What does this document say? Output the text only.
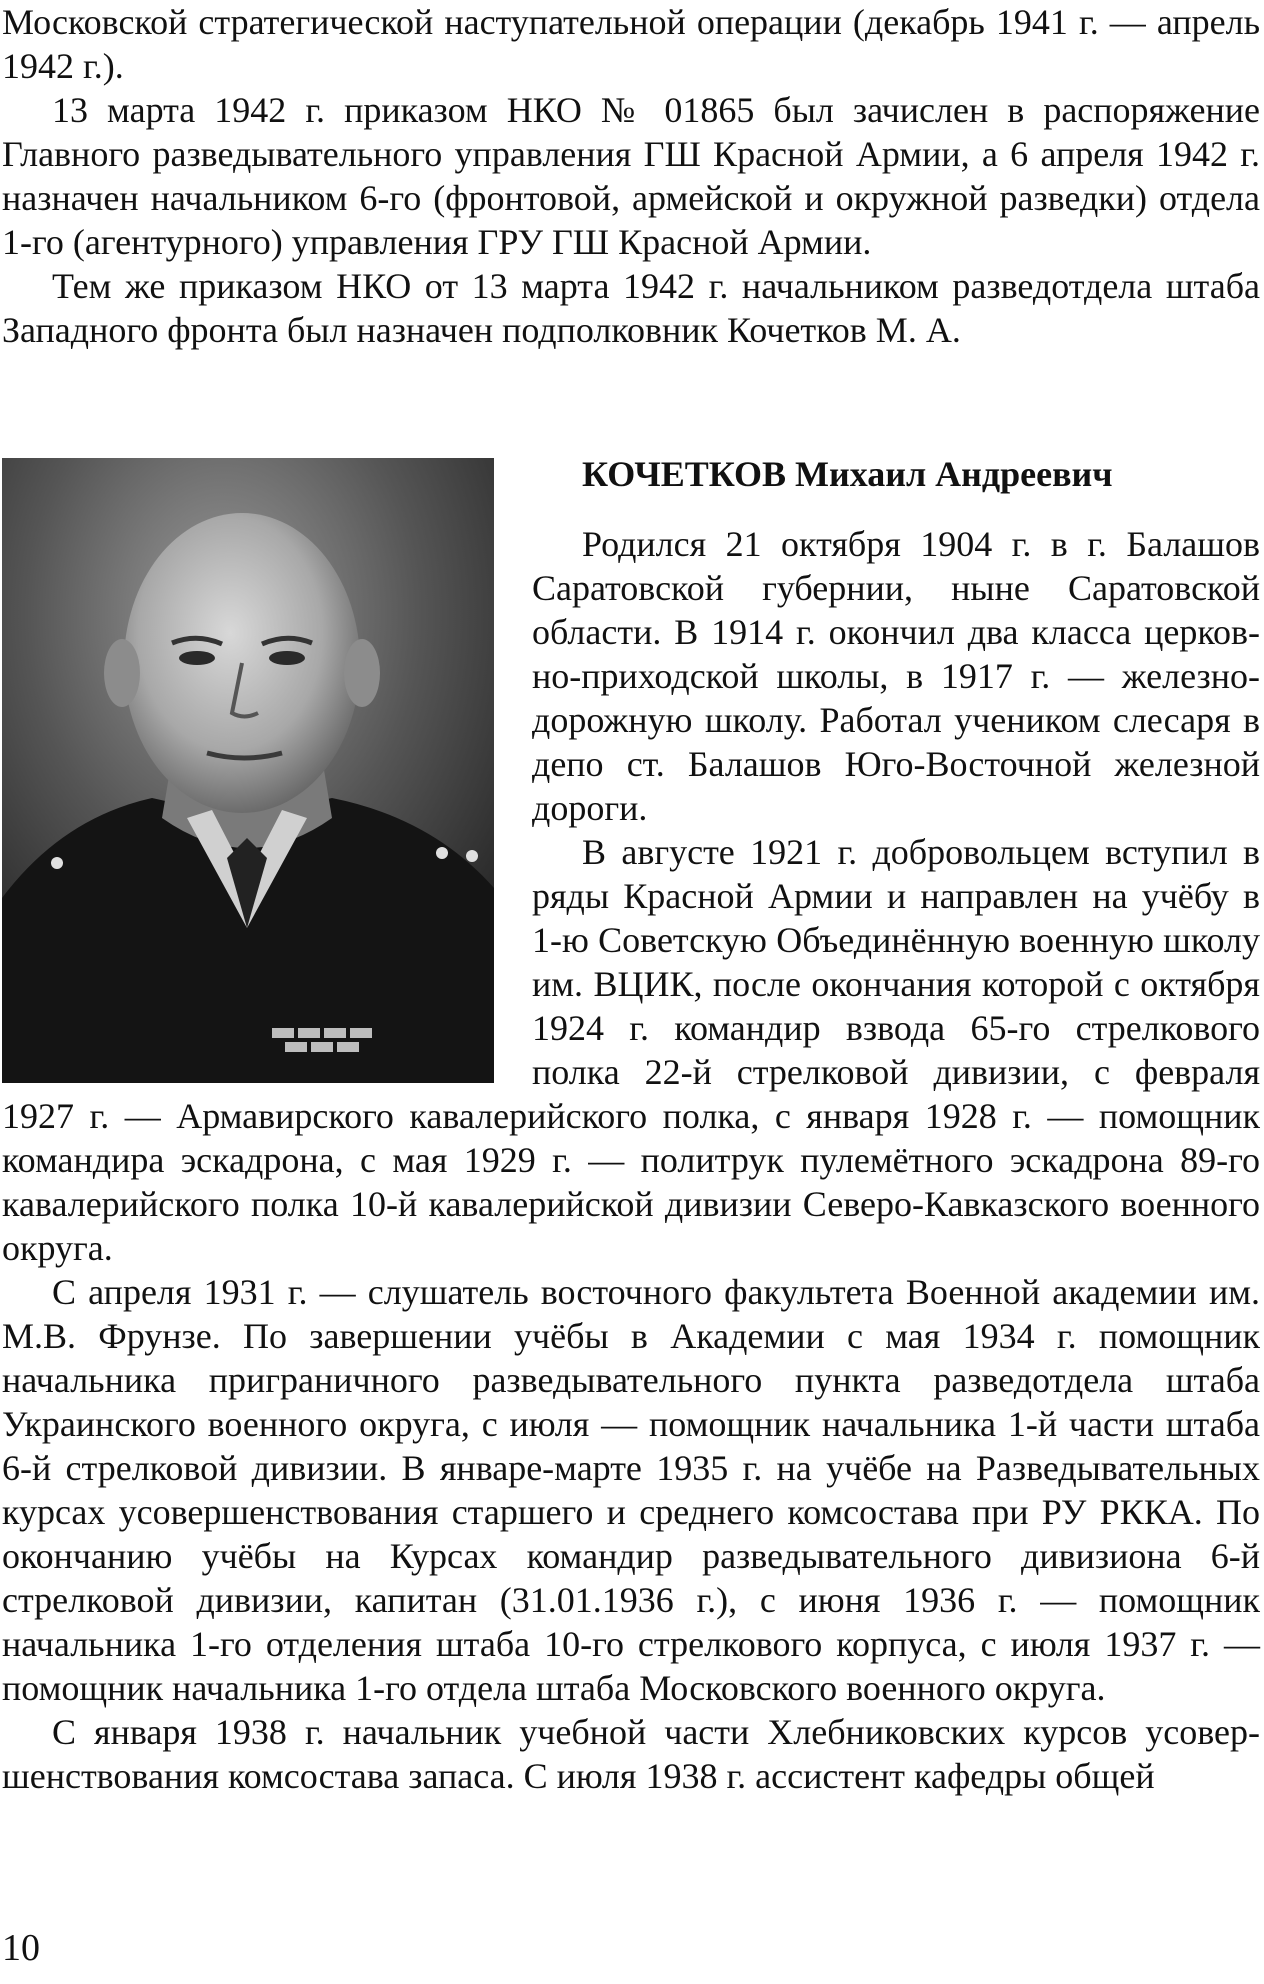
Московской стратегической наступательной операции (декабрь 1941 г. — апрель 1942 г.).

13 марта 1942 г. приказом НКО № 01865 был зачислен в распоряжение Главного разведывательного управления ГШ Красной Армии, а 6 апреля 1942 г. назначен начальником 6-го (фронтовой, армейской и окружной разведки) отдела 1-го (агентурного) управления ГРУ ГШ Красной Армии.

Тем же приказом НКО от 13 марта 1942 г. начальником разведотдела штаба Западного фронта был назначен подполковник Кочетков М. А.

КОЧЕТКОВ Михаил Андреевич

Родился 21 октября 1904 г. в г. Балашов Саратовской губернии, ныне Саратовской области. В 1914 г. окончил два класса церковно-приходской школы, в 1917 г. — железнодорожную школу. Работал учеником слесаря в депо ст. Балашов Юго-Восточной железной дороги.

В августе 1921 г. добровольцем вступил в ряды Красной Армии и направлен на учёбу в 1-ю Советскую Объединённую военную школу им. ВЦИК, после окончания которой с октября 1924 г. командир взвода 65-го стрелкового полка 22-й стрелковой дивизии, с февраля 1927 г. — Армавирского кавалерийского полка, с января 1928 г. — помощник командира эскадрона, с мая 1929 г. — политрук пулемётного эскадрона 89-го кавалерийского полка 10-й кавалерийской дивизии Северо-Кавказского военного округа.

С апреля 1931 г. — слушатель восточного факультета Военной академии им. М.В. Фрунзе. По завершении учёбы в Академии с мая 1934 г. помощник начальника приграничного разведывательного пункта разведотдела штаба Украинского военного округа, с июля — помощник начальника 1-й части штаба 6-й стрелковой дивизии. В январе-марте 1935 г. на учёбе на Разведывательных курсах усовершенствования старшего и среднего комсостава при РУ РККА. По окончанию учёбы на Курсах командир разведывательного дивизиона 6-й стрелковой дивизии, капитан (31.01.1936 г.), с июня 1936 г. — помощник начальника 1-го отделения штаба 10-го стрелкового корпуса, с июля 1937 г. — помощник начальника 1-го отдела штаба Московского военного округа.

С января 1938 г. начальник учебной части Хлебниковских курсов усовершенствования комсостава запаса. С июля 1938 г. ассистент кафедры общей

10
